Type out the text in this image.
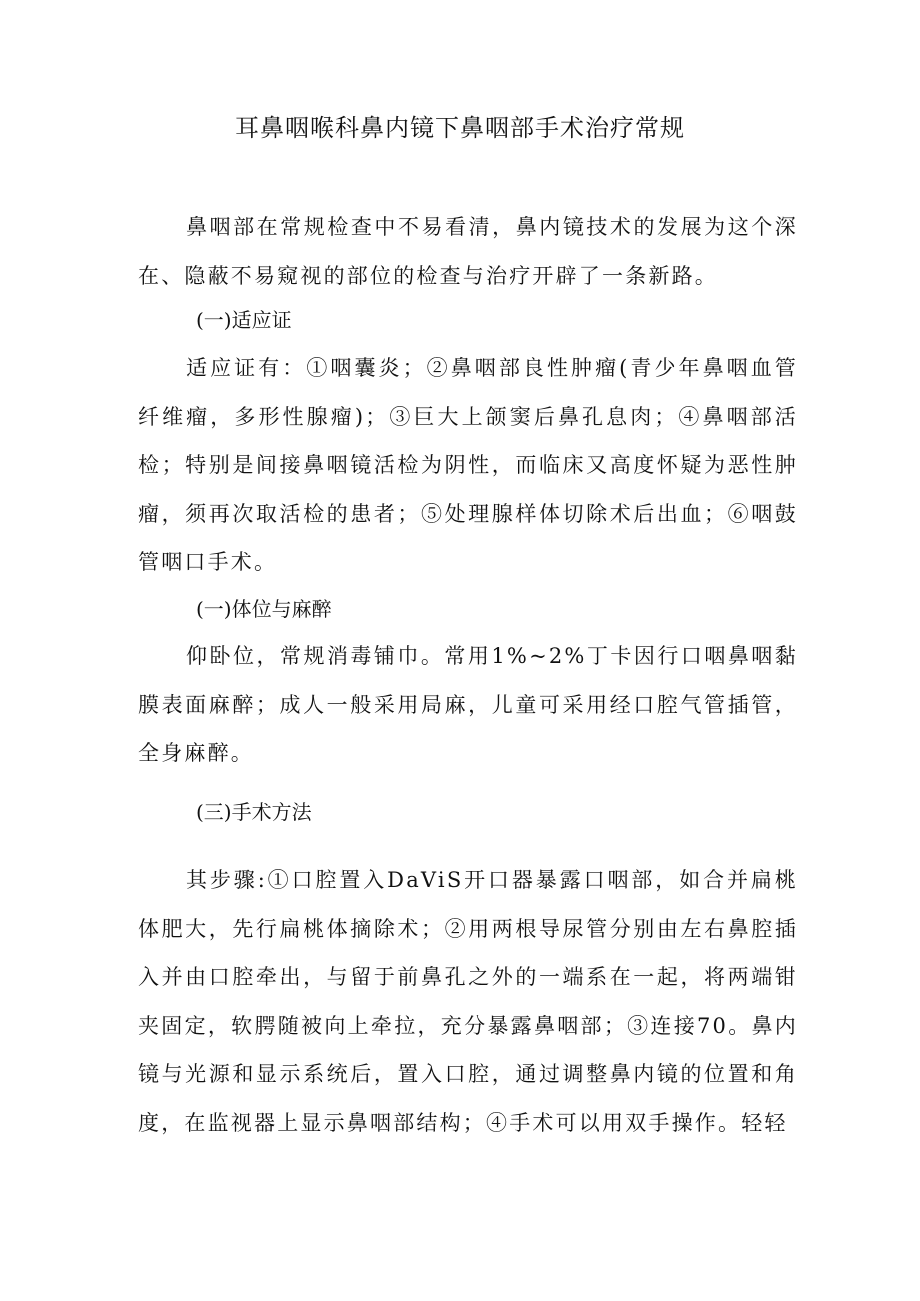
耳鼻咽喉科鼻内镜下鼻咽部手术治疗常规

鼻咽部在常规检查中不易看清，鼻内镜技术的发展为这个深在、隐蔽不易窥视的部位的检查与治疗开辟了一条新路。

(一)适应证

适应证有：①咽囊炎；②鼻咽部良性肿瘤(青少年鼻咽血管纤维瘤，多形性腺瘤)；③巨大上颌窦后鼻孔息肉；④鼻咽部活检；特别是间接鼻咽镜活检为阴性，而临床又高度怀疑为恶性肿瘤，须再次取活检的患者；⑤处理腺样体切除术后出血；⑥咽鼓管咽口手术。

(一)体位与麻醉

仰卧位，常规消毒铺巾。常用1%~2%丁卡因行口咽鼻咽黏膜表面麻醉；成人一般采用局麻，儿童可采用经口腔气管插管，全身麻醉。

(三)手术方法

其步骤:①口腔置入DaViS开口器暴露口咽部，如合并扁桃体肥大，先行扁桃体摘除术；②用两根导尿管分别由左右鼻腔插入并由口腔牵出，与留于前鼻孔之外的一端系在一起，将两端钳夹固定，软腭随被向上牵拉，充分暴露鼻咽部；③连接70。鼻内镜与光源和显示系统后，置入口腔，通过调整鼻内镜的位置和角度，在监视器上显示鼻咽部结构；④手术可以用双手操作。轻轻
